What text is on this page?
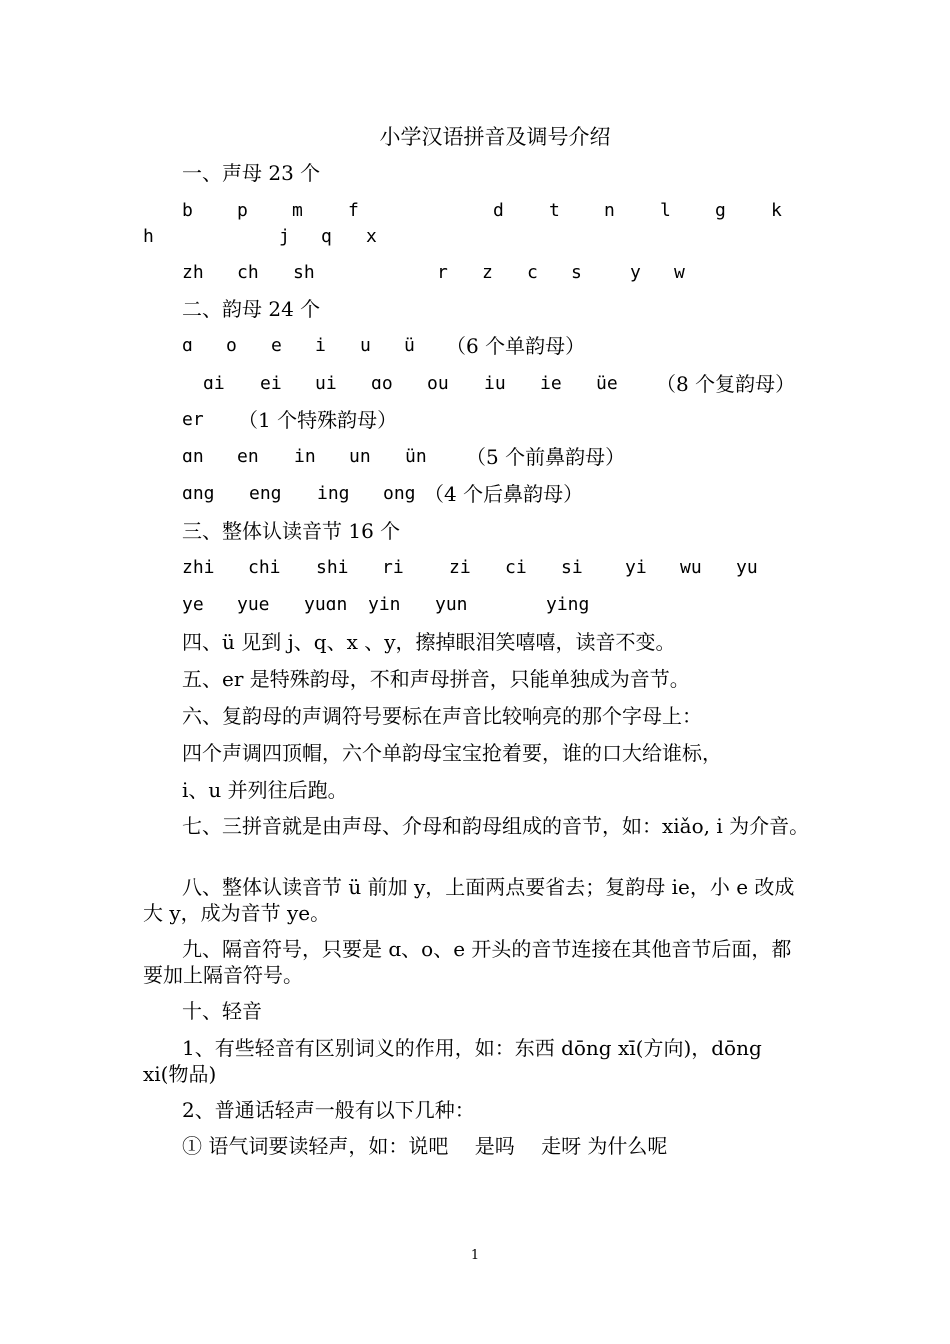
小学汉语拼音及调号介绍
一、声母 23 个
b p m	f	d	t n	l g	k
h	j q x
zh ch sh	r z c s	y w
二、韵母 24 个
ɑ o e i u ü （6 个单韵母）
ɑi ei ui ɑo ou iu ie üe （8 个复韵母）
er （1 个特殊韵母）
ɑn en in un ün （5 个前鼻韵母）
ɑng eng ing ong （4 个后鼻韵母）
三、整体认读音节 16 个
zhi chi shi ri	zi ci si yi wu yu
ye yue yuɑn yin yun	ying
四、ü 见到 j、q、x 、y，擦掉眼泪笑嘻嘻，读音不变。
五、er 是特殊韵母，不和声母拼音，只能单独成为音节。
六、复韵母的声调符号要标在声音比较响亮的那个字母上：
四个声调四顶帽，六个单韵母宝宝抢着要，谁的口大给谁标，
i、u 并列往后跑。
七、三拼音就是由声母、介母和韵母组成的音节，如：xiǎo, i 为介音。
八、整体认读音节 ü 前加 y，上面两点要省去；复韵母 ie，小 e 改成大 y，成为音节 ye。
九、隔音符号，只要是 ɑ、o、e 开头的音节连接在其他音节后面，都要加上隔音符号。
十、轻音
1、有些轻音有区别词义的作用，如：东西 dōng xī(方向)，dōng xi(物品)
2、普通话轻声一般有以下几种：
① 语气词要读轻声，如：说吧　 是吗　 走呀 为什么呢
1
